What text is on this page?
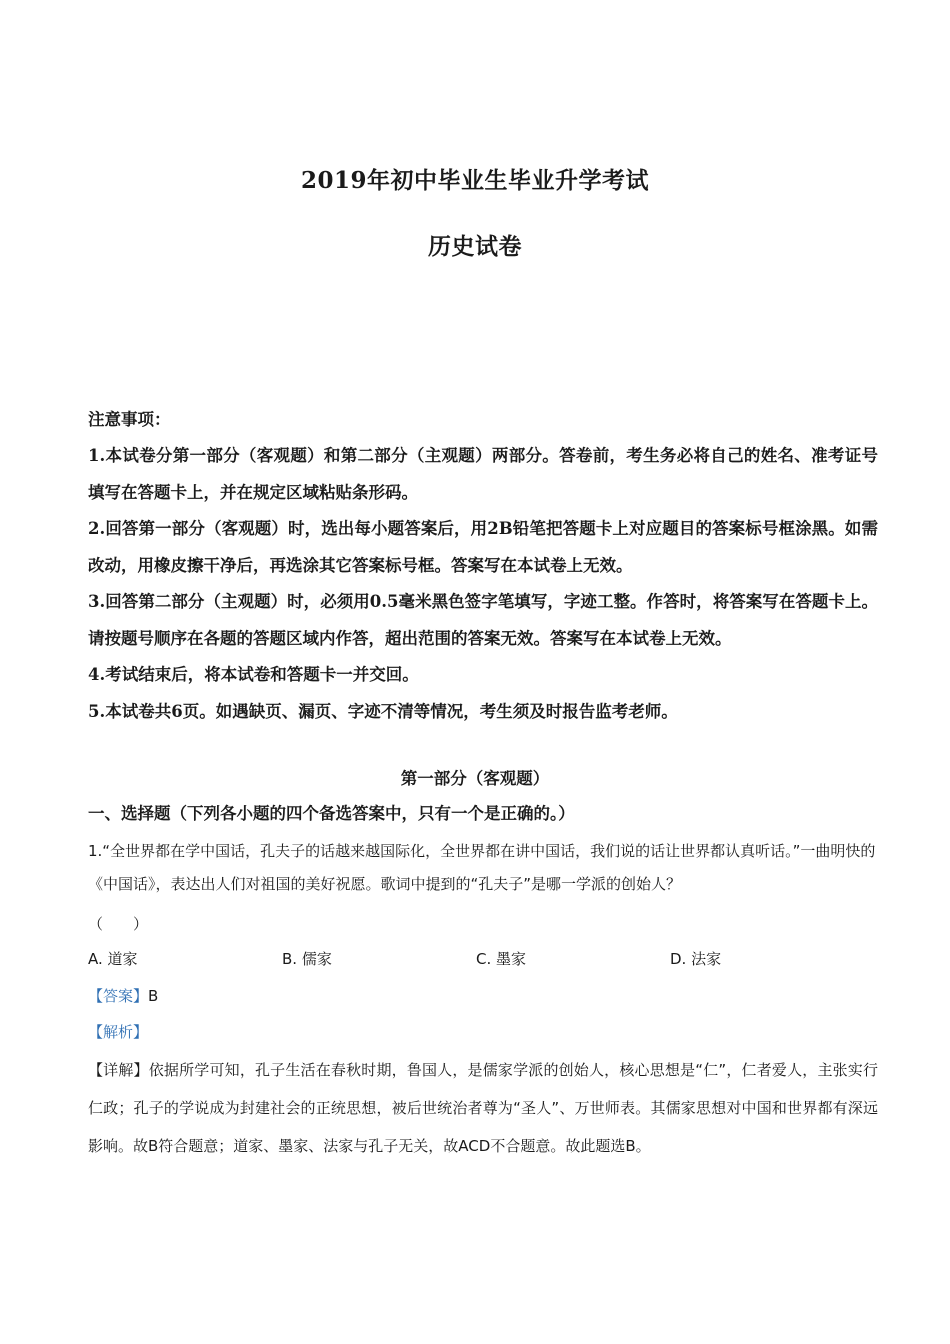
2019年初中毕业生毕业升学考试
历史试卷
注意事项：
1.本试卷分第一部分（客观题）和第二部分（主观题）两部分。答卷前，考生务必将自己的姓名、准考证号填写在答题卡上，并在规定区域粘贴条形码。
2.回答第一部分（客观题）时，选出每小题答案后，用2B铅笔把答题卡上对应题目的答案标号框涂黑。如需改动，用橡皮擦干净后，再选涂其它答案标号框。答案写在本试卷上无效。
3.回答第二部分（主观题）时，必须用0.5毫米黑色签字笔填写，字迹工整。作答时，将答案写在答题卡上。请按题号顺序在各题的答题区域内作答，超出范围的答案无效。答案写在本试卷上无效。
4.考试结束后，将本试卷和答题卡一并交回。
5.本试卷共6页。如遇缺页、漏页、字迹不清等情况，考生须及时报告监考老师。
第一部分（客观题）
一、选择题（下列各小题的四个备选答案中，只有一个是正确的。）
1.“全世界都在学中国话，孔夫子的话越来越国际化，全世界都在讲中国话，我们说的话让世界都认真听话。”一曲明快的《中国话》，表达出人们对祖国的美好祝愿。歌词中提到的“孔夫子”是哪一学派的创始人？
（　　）
A. 道家	B. 儒家	C. 墨家	D. 法家
【答案】B
【解析】
【详解】依据所学可知，孔子生活在春秋时期，鲁国人，是儒家学派的创始人，核心思想是“仁”，仁者爱人，主张实行仁政；孔子的学说成为封建社会的正统思想，被后世统治者尊为“圣人”、万世师表。其儒家思想对中国和世界都有深远影响。故B符合题意；道家、墨家、法家与孔子无关，故ACD不合题意。故此题选B。
